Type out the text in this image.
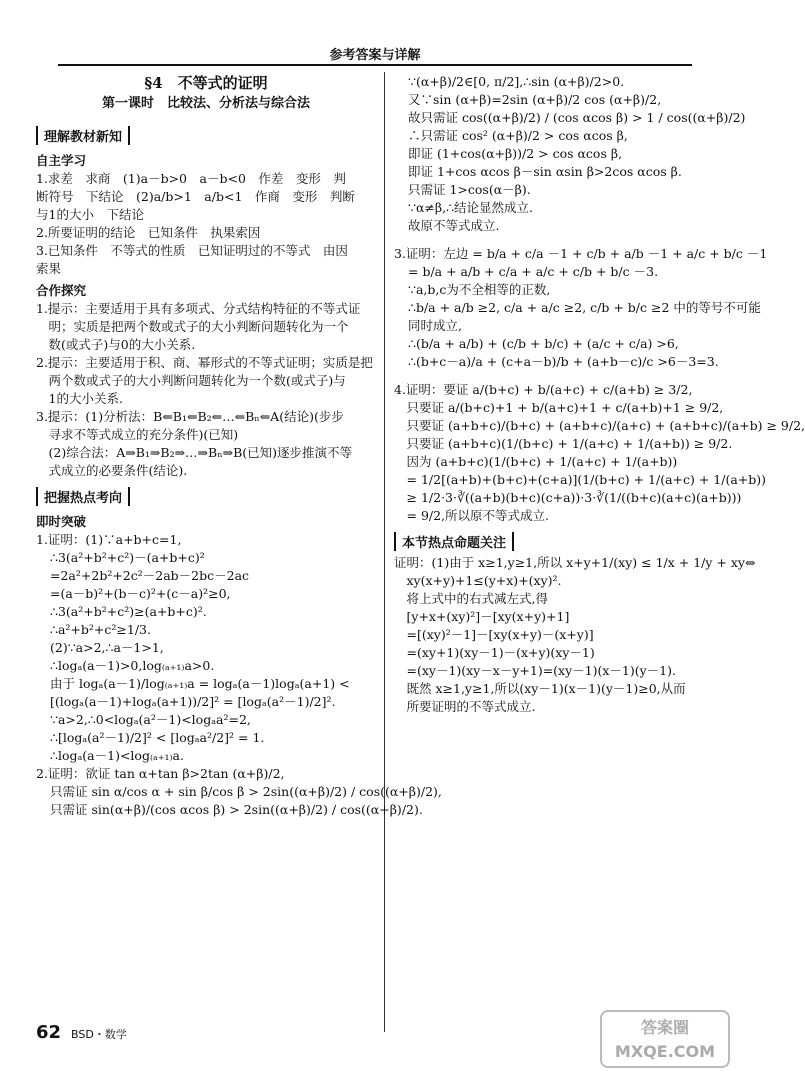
参考答案与详解
§4　不等式的证明
第一课时　比较法、分析法与综合法
理解教材新知
自主学习
1.求差　求商　(1)a－b>0　a－b<0　作差　变形　判
断符号　下结论　(2)a/b>1　a/b<1　作商　变形　判断
与1的大小　下结论
2.所要证明的结论　已知条件　执果索因
3.已知条件　不等式的性质　已知证明过的不等式　由因
索果
合作探究
1.提示：主要适用于具有多项式、分式结构特征的不等式证
　明；实质是把两个数或式子的大小判断问题转化为一个
　数(或式子)与0的大小关系.
2.提示：主要适用于积、商、幂形式的不等式证明；实质是把
　两个数或式子的大小判断问题转化为一个数(或式子)与
　1的大小关系.
3.提示：(1)分析法：B⇐B₁⇐B₂⇐…⇐Bₙ⇐A(结论)(步步
　寻求不等式成立的充分条件)(已知)
　(2)综合法：A⇒B₁⇒B₂⇒…⇒Bₙ⇒B(已知)逐步推演不等
　式成立的必要条件(结论).
把握热点考向
即时突破
1.证明：(1)∵a+b+c=1,
∴3(a²+b²+c²)－(a+b+c)²
=2a²+2b²+2c²－2ab－2bc－2ac
=(a－b)²+(b－c)²+(c－a)²≥0,
∴3(a²+b²+c²)≥(a+b+c)².
∴a²+b²+c²≥1/3.
(2)∵a>2,∴a－1>1,
∴logₐ(a－1)>0,log₍ₐ₊₁₎a>0.
由于 logₐ(a－1)/log₍ₐ₊₁₎a = logₐ(a－1)logₐ(a+1) <
[(logₐ(a－1)+logₐ(a+1))/2]² = [logₐ(a²－1)/2]².
∵a>2,∴0<logₐ(a²－1)<logₐa²=2,
∴[logₐ(a²－1)/2]² < [logₐa²/2]² = 1.
∴logₐ(a－1)<log₍ₐ₊₁₎a.
2.证明：欲证 tan α+tan β>2tan (α+β)/2,
只需证 sin α/cos α + sin β/cos β > 2sin((α+β)/2) / cos((α+β)/2),
只需证 sin(α+β)/(cos αcos β) > 2sin((α+β)/2) / cos((α+β)/2).
∵(α+β)/2∈[0, π/2],∴sin (α+β)/2>0.
又∵sin (α+β)=2sin (α+β)/2 cos (α+β)/2,
故只需证 cos((α+β)/2) / (cos αcos β) > 1 / cos((α+β)/2)
∴只需证 cos² (α+β)/2 > cos αcos β,
即证 (1+cos(α+β))/2 > cos αcos β,
即证 1+cos αcos β－sin αsin β>2cos αcos β.
只需证 1>cos(α－β).
∵α≠β,∴结论显然成立.
故原不等式成立.
3.证明：左边 = b/a + c/a －1 + c/b + a/b －1 + a/c + b/c －1
= b/a + a/b + c/a + a/c + c/b + b/c －3.
∵a,b,c为不全相等的正数,
∴b/a + a/b ≥2, c/a + a/c ≥2, c/b + b/c ≥2 中的等号不可能
同时成立,
∴(b/a + a/b) + (c/b + b/c) + (a/c + c/a) >6,
∴(b+c－a)/a + (c+a－b)/b + (a+b－c)/c >6－3=3.
4.证明：要证 a/(b+c) + b/(a+c) + c/(a+b) ≥ 3/2,
　只要证 a/(b+c)+1 + b/(a+c)+1 + c/(a+b)+1 ≥ 9/2,
　只要证 (a+b+c)/(b+c) + (a+b+c)/(a+c) + (a+b+c)/(a+b) ≥ 9/2,
　只要证 (a+b+c)(1/(b+c) + 1/(a+c) + 1/(a+b)) ≥ 9/2.
　因为 (a+b+c)(1/(b+c) + 1/(a+c) + 1/(a+b))
　= 1/2[(a+b)+(b+c)+(c+a)](1/(b+c) + 1/(a+c) + 1/(a+b))
　≥ 1/2·3·∛((a+b)(b+c)(c+a))·3·∛(1/((b+c)(a+c)(a+b)))
　= 9/2,所以原不等式成立.
本节热点命题关注
证明：(1)由于 x≥1,y≥1,所以 x+y+1/(xy) ≤ 1/x + 1/y + xy⇔
　xy(x+y)+1≤(y+x)+(xy)².
　将上式中的右式减左式,得
　[y+x+(xy)²]－[xy(x+y)+1]
　=[(xy)²－1]－[xy(x+y)－(x+y)]
　=(xy+1)(xy－1)－(x+y)(xy－1)
　=(xy－1)(xy－x－y+1)=(xy－1)(x－1)(y－1).
　既然 x≥1,y≥1,所以(xy－1)(x－1)(y－1)≥0,从而
　所要证明的不等式成立.
62 BSD・数学	答案圈
MXQE.COM
